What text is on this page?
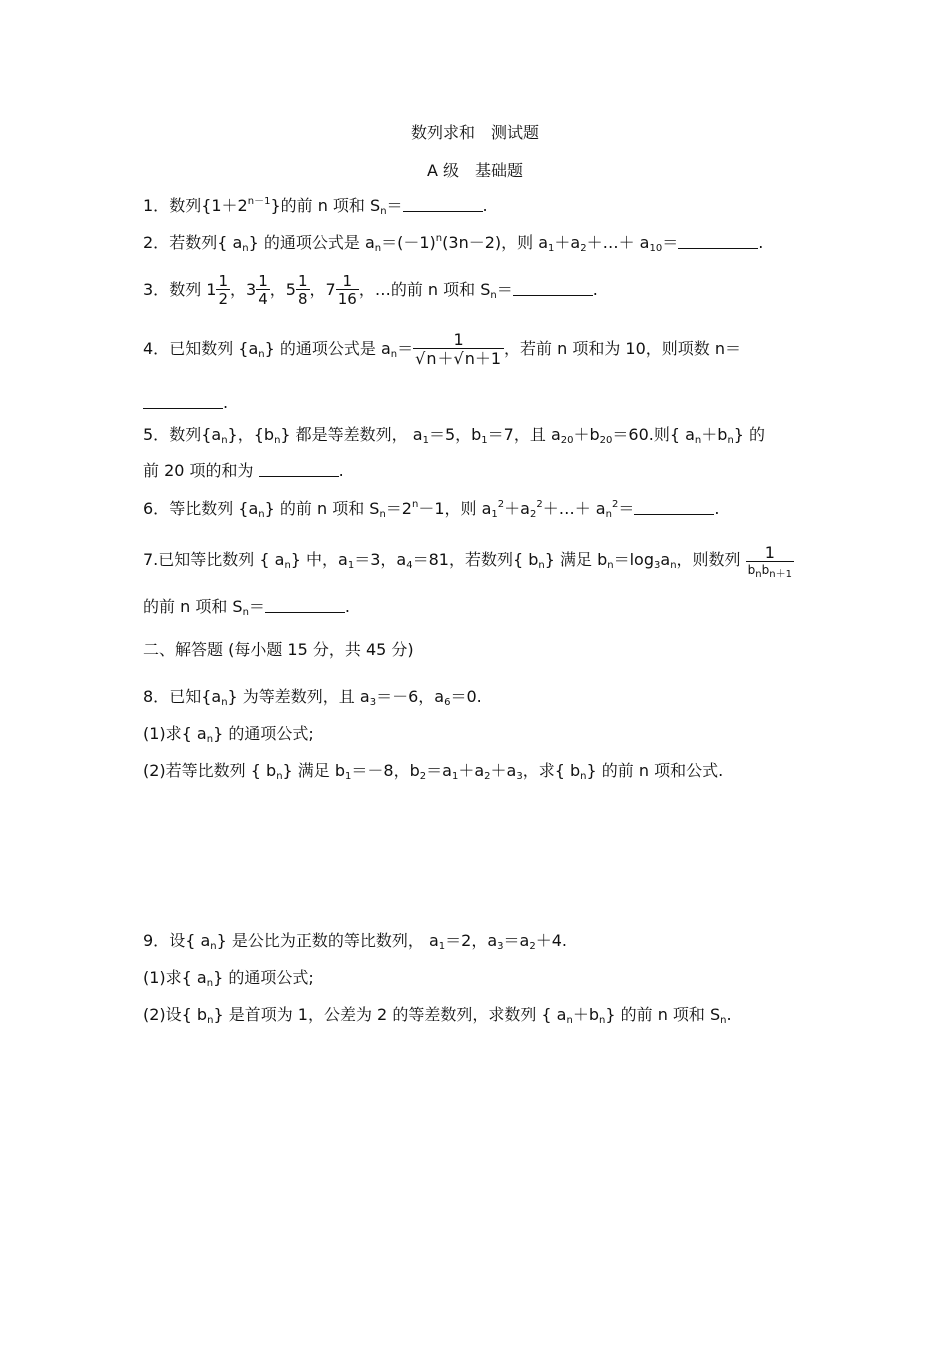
数列求和　测试题
A 级　基础题
1．数列$\{1+2^{n-1}\}$的前 n 项和 $S_n=$	.
2．若数列{ $a_n$} 的通项公式是 $a_n=(-1)^n(3n-2)$，则 $a_1+a_2+\dots+ a_{10}=$	.
3．数列 $1 \frac{1}{2}$ ，$3 \frac{1}{4}$ ，$5 \frac{1}{8}$ ，$7 \frac{1}{16}$ ，…的前 n 项和 $S_n=$	.
4．已知数列 $\{a_n\}$ 的通项公式是 $a_n= \frac{1}{√n+√n+1}$ ，若前 n 项和为 10，则项数 n＝
.
5．数列$\{a_n\}$，$\{b_n\}$ 都是等差数列， $a_1=5$，$b_1=7$，且 $a_{20}+b_{20}=60$.则{ $a_n+b_n$} 的
前 20 项的和为	.
6．等比数列 $\{a_n\}$ 的前 n 项和 $S_n=2^n-1$，则 $a_1^2+a_2^2+\dots+ a_n^2=$	.
7.已知等比数列 { $a_n$} 中，$a_1=3$，$a_4=81$，若数列{ $b_n$} 满足 $b_n=\log_3a_n$，则数列 $\frac{1}{b_nb_{n+1}}$
的前 n 项和 $S_n=$	.
二、解答题 (每小题 15 分，共 45 分)
8．已知$\{a_n\}$ 为等差数列，且 $a_3=-6$，$a_6=0$.
(1)求{ $a_n$} 的通项公式;
(2)若等比数列 { $b_n$} 满足 $b_1=-8$，$b_2=a_1+a_2+a_3$，求{ $b_n$} 的前 n 项和公式.
9．设{ $a_n$} 是公比为正数的等比数列， $a_1=2$，$a_3=a_2+4$.
(1)求{ $a_n$} 的通项公式;
(2)设{ $b_n$} 是首项为 1，公差为 2 的等差数列，求数列 { $a_n+b_n$} 的前 n 项和 $S_n$.
